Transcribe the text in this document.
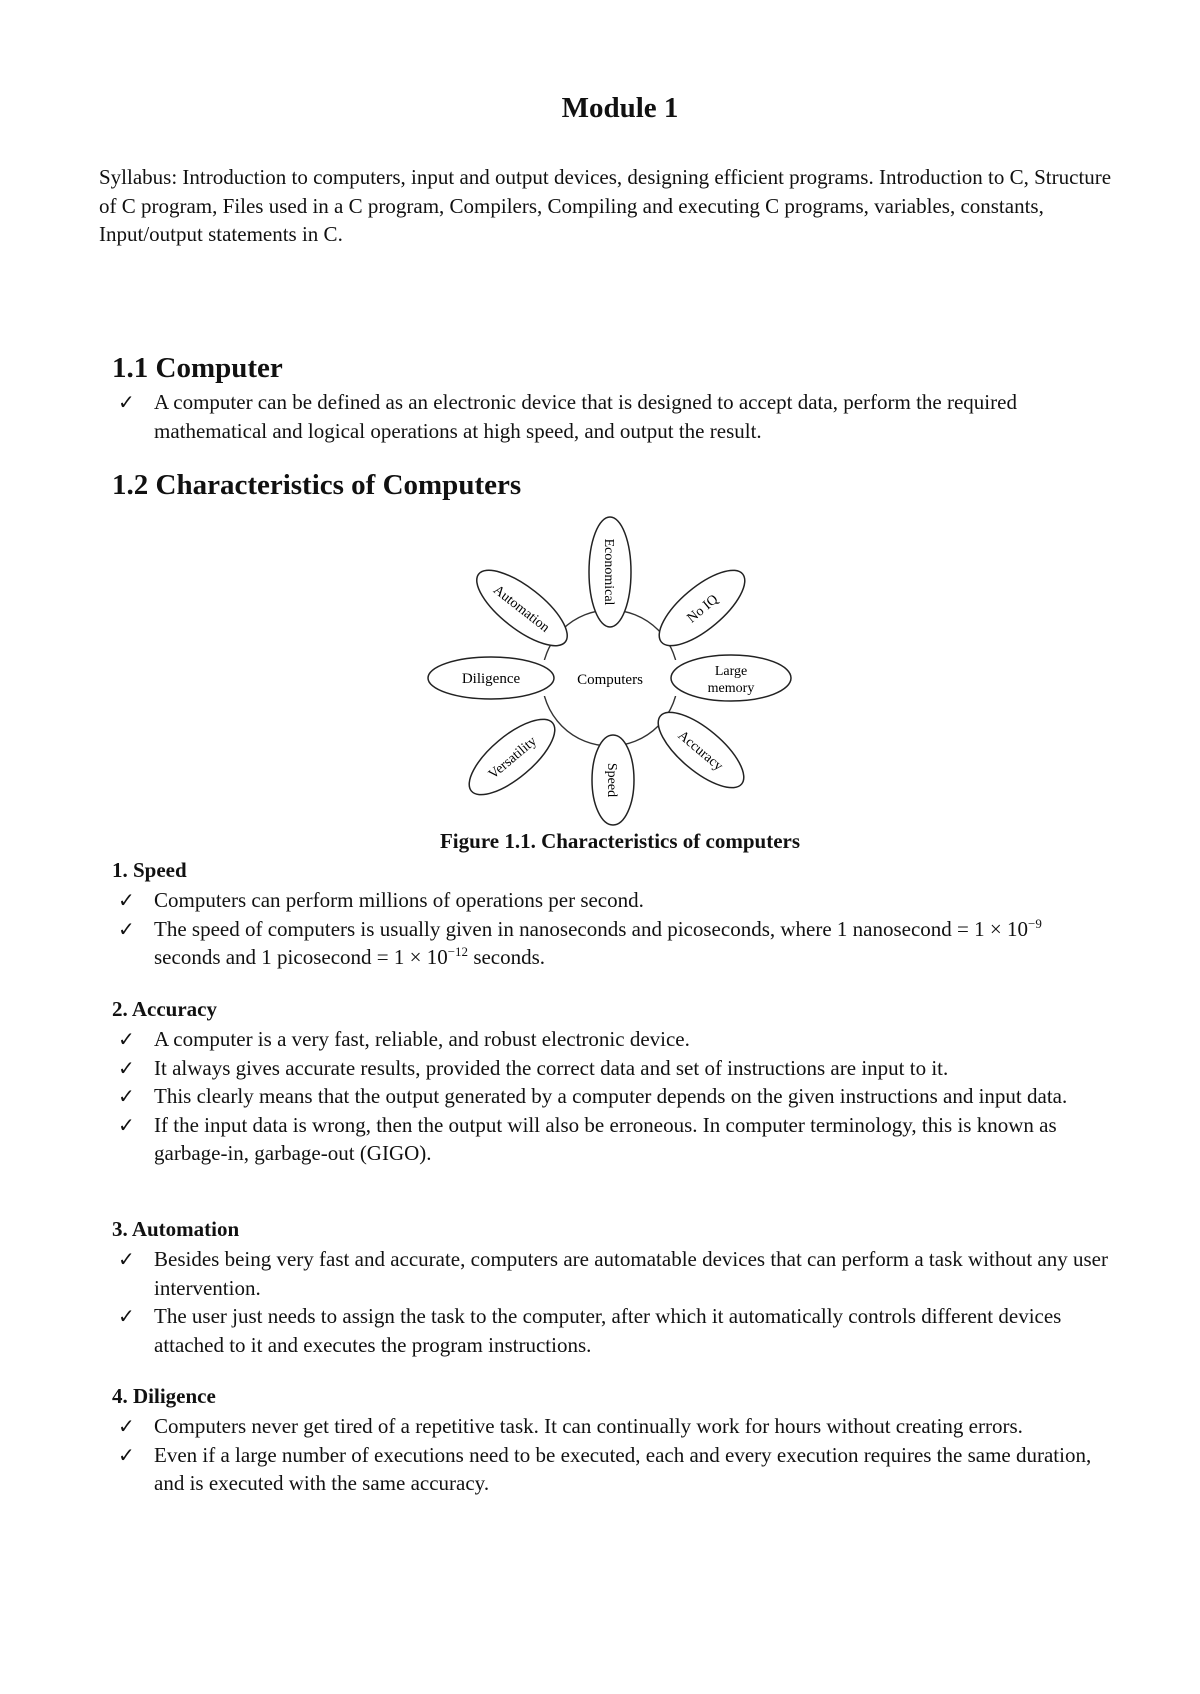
Module 1
Syllabus: Introduction to computers, input and output devices, designing efficient programs. Introduction to C, Structure of C program, Files used in a C program, Compilers, Compiling and executing C programs, variables, constants, Input/output statements in C.
1.1 Computer
✓ A computer can be defined as an electronic device that is designed to accept data, perform the required mathematical and logical operations at high speed, and output the result.
1.2 Characteristics of Computers
Computers
Economical
No IQ
Large
memory
Accuracy
Speed
Versatility
Diligence
Automation
Figure 1.1. Characteristics of computers
1. Speed
✓ Computers can perform millions of operations per second.
✓ The speed of computers is usually given in nanoseconds and picoseconds, where 1 nanosecond = $1 \times 10^{-9}$ seconds and 1 picosecond = $1 \times 10^{-12}$ seconds.
2. Accuracy
✓ A computer is a very fast, reliable, and robust electronic device.
✓ It always gives accurate results, provided the correct data and set of instructions are input to it.
✓ This clearly means that the output generated by a computer depends on the given instructions and input data.
✓ If the input data is wrong, then the output will also be erroneous. In computer terminology, this is known as garbage-in, garbage-out (GIGO).
3. Automation
✓ Besides being very fast and accurate, computers are automatable devices that can perform a task without any user intervention.
✓ The user just needs to assign the task to the computer, after which it automatically controls different devices attached to it and executes the program instructions.
4. Diligence
✓ Computers never get tired of a repetitive task. It can continually work for hours without creating errors.
✓ Even if a large number of executions need to be executed, each and every execution requires the same duration, and is executed with the same accuracy.
